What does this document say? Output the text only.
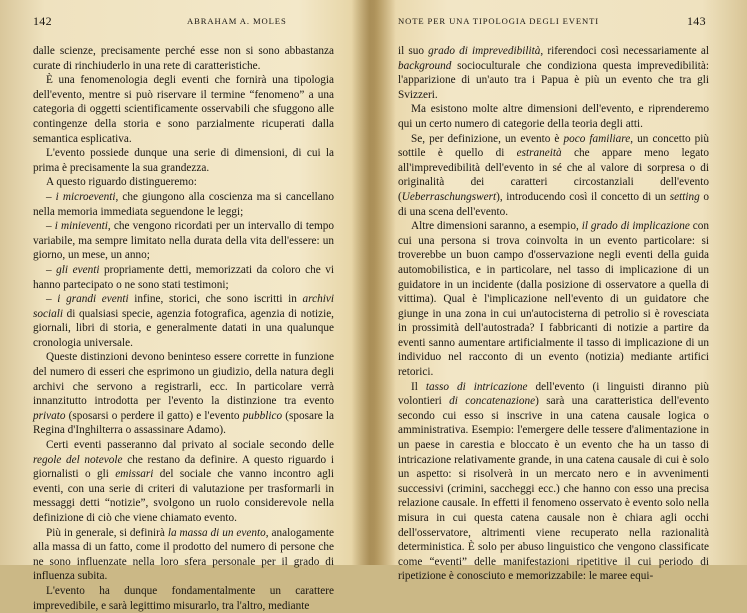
142	ABRAHAM A. MOLES

dalle scienze, precisamente perché esse non si sono abbastanza curate di rinchiuderlo in una rete di caratteristiche.

È una fenomenologia degli eventi che fornirà una tipologia dell'evento, mentre si può riservare il termine “fenomeno” a una categoria di oggetti scientificamente osservabili che sfuggono alle contingenze della storia e sono parzialmente ricuperati dalla semantica esplicativa.

L'evento possiede dunque una serie di dimensioni, di cui la prima è precisamente la sua grandezza.

A questo riguardo distingueremo:

– i microeventi, che giungono alla coscienza ma si cancellano nella memoria immediata seguendone le leggi;

– i minieventi, che vengono ricordati per un intervallo di tempo variabile, ma sempre limitato nella durata della vita dell'essere: un giorno, un mese, un anno;

– gli eventi propriamente detti, memorizzati da coloro che vi hanno partecipato o ne sono stati testimoni;

– i grandi eventi infine, storici, che sono iscritti in archivi sociali di qualsiasi specie, agenzia fotografica, agenzia di notizie, giornali, libri di storia, e generalmente datati in una qualunque cronologia universale.

Queste distinzioni devono beninteso essere corrette in funzione del numero di esseri che esprimono un giudizio, della natura degli archivi che servono a registrarli, ecc. In particolare verrà innanzitutto introdotta per l'evento la distinzione tra evento privato (sposarsi o perdere il gatto) e l'evento pubblico (sposare la Regina d'Inghilterra o assassinare Adamo).

Certi eventi passeranno dal privato al sociale secondo delle regole del notevole che restano da definire. A questo riguardo i giornalisti o gli emissari del sociale che vanno incontro agli eventi, con una serie di criteri di valutazione per trasformarli in messaggi detti “notizie”, svolgono un ruolo considerevole nella definizione di ciò che viene chiamato evento.

Più in generale, si definirà la massa di un evento, analogamente alla massa di un fatto, come il prodotto del numero di persone che ne sono influenzate nella loro sfera personale per il grado di influenza subita.

L'evento ha dunque fondamentalmente un carattere imprevedibile, e sarà legittimo misurarlo, tra l'altro, mediante

NOTE PER UNA TIPOLOGIA DEGLI EVENTI	143

il suo grado di imprevedibilità, riferendoci così necessariamente al background socioculturale che condiziona questa imprevedibilità: l'apparizione di un'auto tra i Papua è più un evento che tra gli Svizzeri.

Ma esistono molte altre dimensioni dell'evento, e riprenderemo qui un certo numero di categorie della teoria degli atti.

Se, per definizione, un evento è poco familiare, un concetto più sottile è quello di estraneità che appare meno legato all'imprevedibilità dell'evento in sé che al valore di sorpresa o di originalità dei caratteri circostanziali dell'evento (Ueberraschungswert), introducendo così il concetto di un setting o di una scena dell'evento.

Altre dimensioni saranno, a esempio, il grado di implicazione con cui una persona si trova coinvolta in un evento particolare: si troverebbe un buon campo d'osservazione negli eventi della guida automobilistica, e in particolare, nel tasso di implicazione di un guidatore in un incidente (dalla posizione di osservatore a quella di vittima). Qual è l'implicazione nell'evento di un guidatore che giunge in una zona in cui un'autocisterna di petrolio si è rovesciata in prossimità dell'autostrada? I fabbricanti di notizie a partire da eventi sanno aumentare artificialmente il tasso di implicazione di un individuo nel racconto di un evento (notizia) mediante artifici retorici.

Il tasso di intricazione dell'evento (i linguisti diranno più volontieri di concatenazione) sarà una caratteristica dell'evento secondo cui esso si inscrive in una catena causale logica o amministrativa. Esempio: l'emergere delle tessere d'alimentazione in un paese in carestia e bloccato è un evento che ha un tasso di intricazione relativamente grande, in una catena causale di cui è solo un aspetto: si risolverà in un mercato nero e in avvenimenti successivi (crimini, saccheggi ecc.) che hanno con esso una precisa relazione causale. In effetti il fenomeno osservato è evento solo nella misura in cui questa catena causale non è chiara agli occhi dell'osservatore, altrimenti viene recuperato nella razionalità deterministica. È solo per abuso linguistico che vengono classificate come “eventi” delle manifestazioni ripetitive il cui periodo di ripetizione è conosciuto e memorizzabile: le maree equi-
